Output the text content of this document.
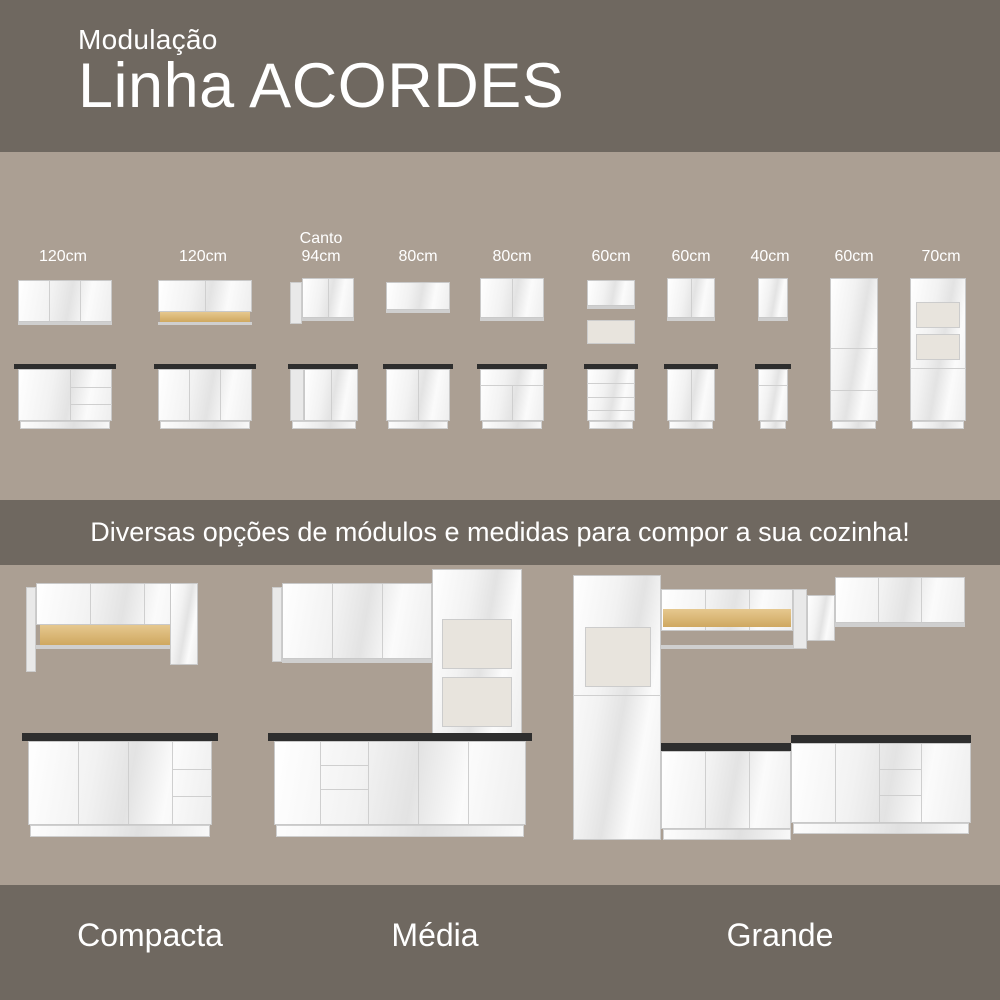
Modulação
Linha ACORDES
120cm	120cm
Canto
94cm	80cm	80cm	60cm	60cm	40cm	60cm	70cm
Diversas opções de módulos e medidas para compor a sua cozinha!
Compacta	Média	Grande
